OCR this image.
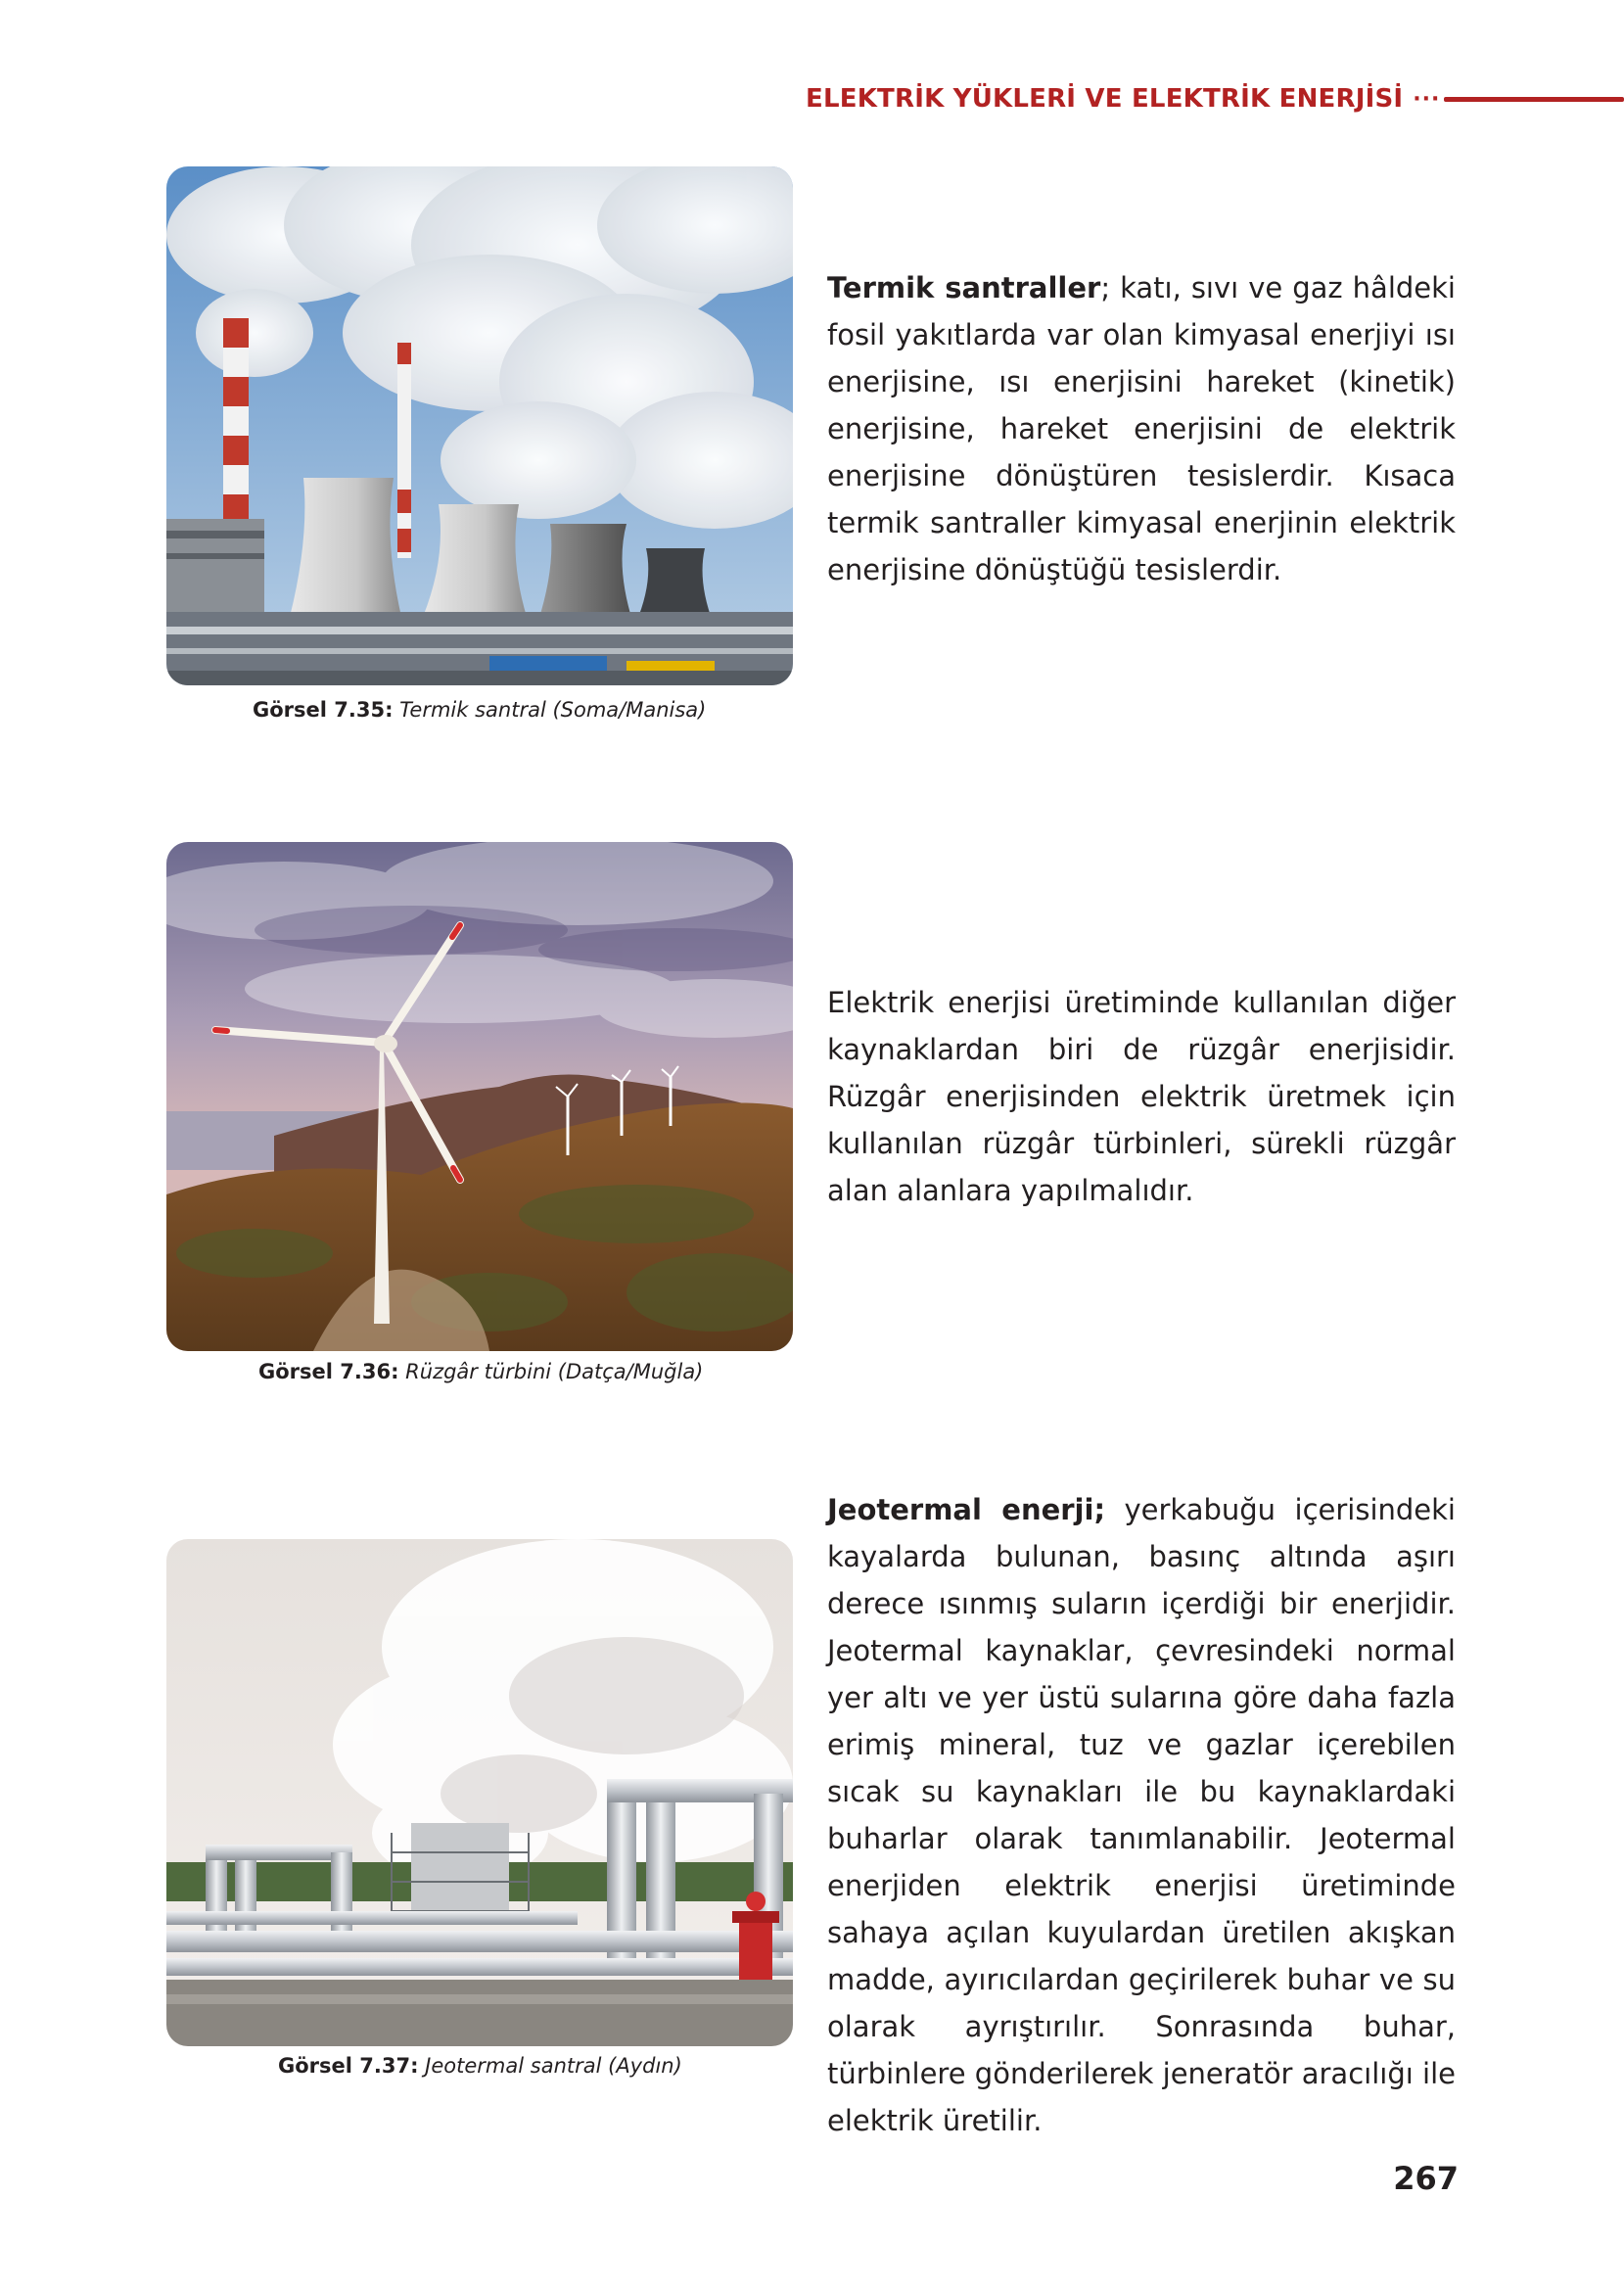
ELEKTRİK YÜKLERİ VE ELEKTRİK ENERJİSİ ···
Görsel 7.35: Termik santral (Soma/Manisa)
Termik santraller; katı, sıvı ve gaz hâldeki fosil yakıtlarda var olan kimyasal enerjiyi ısı enerjisine, ısı enerjisini hareket (kinetik) enerjisine, hareket enerjisini de elektrik enerjisine dönüştüren tesislerdir. Kısaca termik santraller kimyasal enerjinin elektrik enerjisine dönüştüğü tesislerdir.
Görsel 7.36: Rüzgâr türbini (Datça/Muğla)
Elektrik enerjisi üretiminde kullanılan diğer kaynaklardan biri de rüzgâr enerjisidir. Rüzgâr enerjisinden elektrik üretmek için kullanılan rüzgâr türbinleri, sürekli rüzgâr alan alanlara yapılmalıdır.
Görsel 7.37: Jeotermal santral (Aydın)
Jeotermal enerji; yerkabuğu içerisindeki kayalarda bulunan, basınç altında aşırı derece ısınmış suların içerdiği bir enerjidir. Jeotermal kaynaklar, çevresindeki normal yer altı ve yer üstü sularına göre daha fazla erimiş mineral, tuz ve gazlar içerebilen sıcak su kaynakları ile bu kaynaklardaki buharlar olarak tanımlanabilir. Jeotermal enerjiden elektrik enerjisi üretiminde sahaya açılan kuyulardan üretilen akışkan madde, ayırıcılardan geçirilerek buhar ve su olarak ayrıştırılır. Sonrasında buhar, türbinlere gönderilerek jeneratör aracılığı ile elektrik üretilir.
267
